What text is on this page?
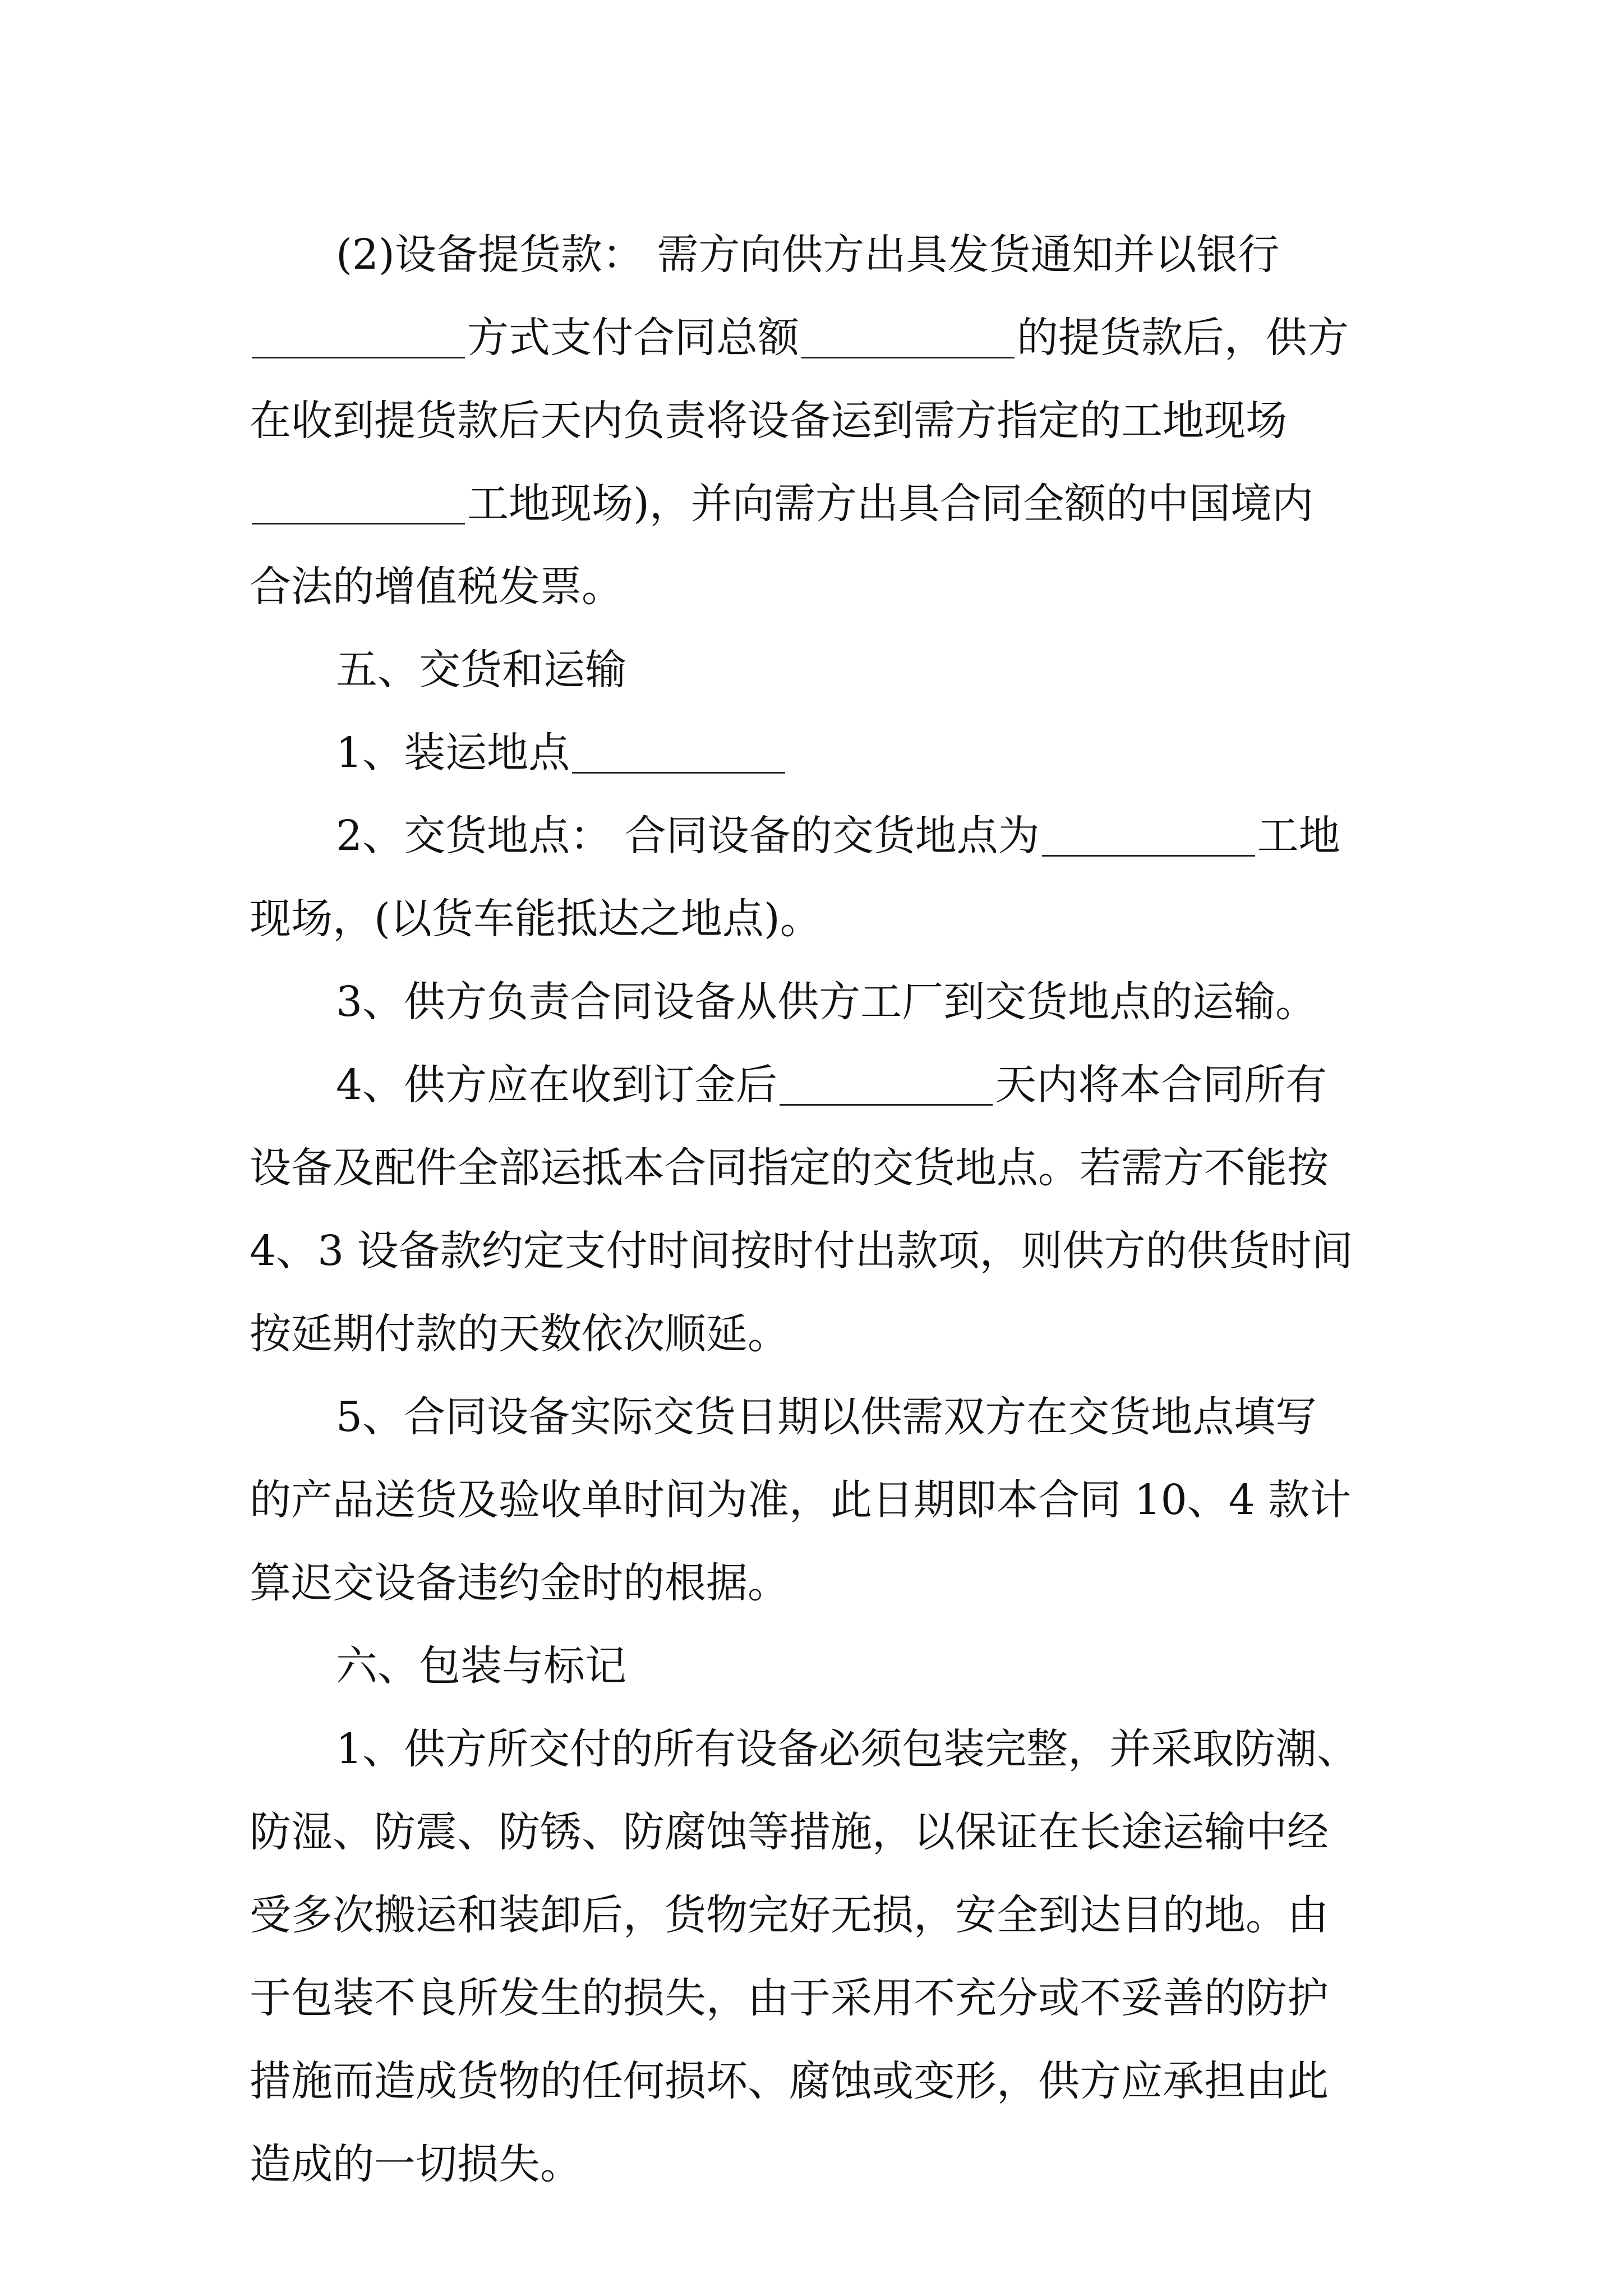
(2)设备提货款： 需方向供方出具发货通知并以银行
方式支付合同总额	的提货款后，供方
在收到提货款后天内负责将设备运到需方指定的工地现场
工地现场)，并向需方出具合同全额的中国境内
合法的增值税发票。
五、交货和运输
1、装运地点
2、交货地点： 合同设备的交货地点为	工地
现场，(以货车能抵达之地点)。
3、供方负责合同设备从供方工厂到交货地点的运输。
4、供方应在收到订金后	天内将本合同所有
设备及配件全部运抵本合同指定的交货地点。若需方不能按
4、3 设备款约定支付时间按时付出款项，则供方的供货时间
按延期付款的天数依次顺延。
5、合同设备实际交货日期以供需双方在交货地点填写
的产品送货及验收单时间为准，此日期即本合同 10、4 款计
算迟交设备违约金时的根据。
六、包装与标记
1、供方所交付的所有设备必须包装完整，并采取防潮、
防湿、防震、防锈、防腐蚀等措施，以保证在长途运输中经
受多次搬运和装卸后，货物完好无损，安全到达目的地。由
于包装不良所发生的损失，由于采用不充分或不妥善的防护
措施而造成货物的任何损坏、腐蚀或变形，供方应承担由此
造成的一切损失。
